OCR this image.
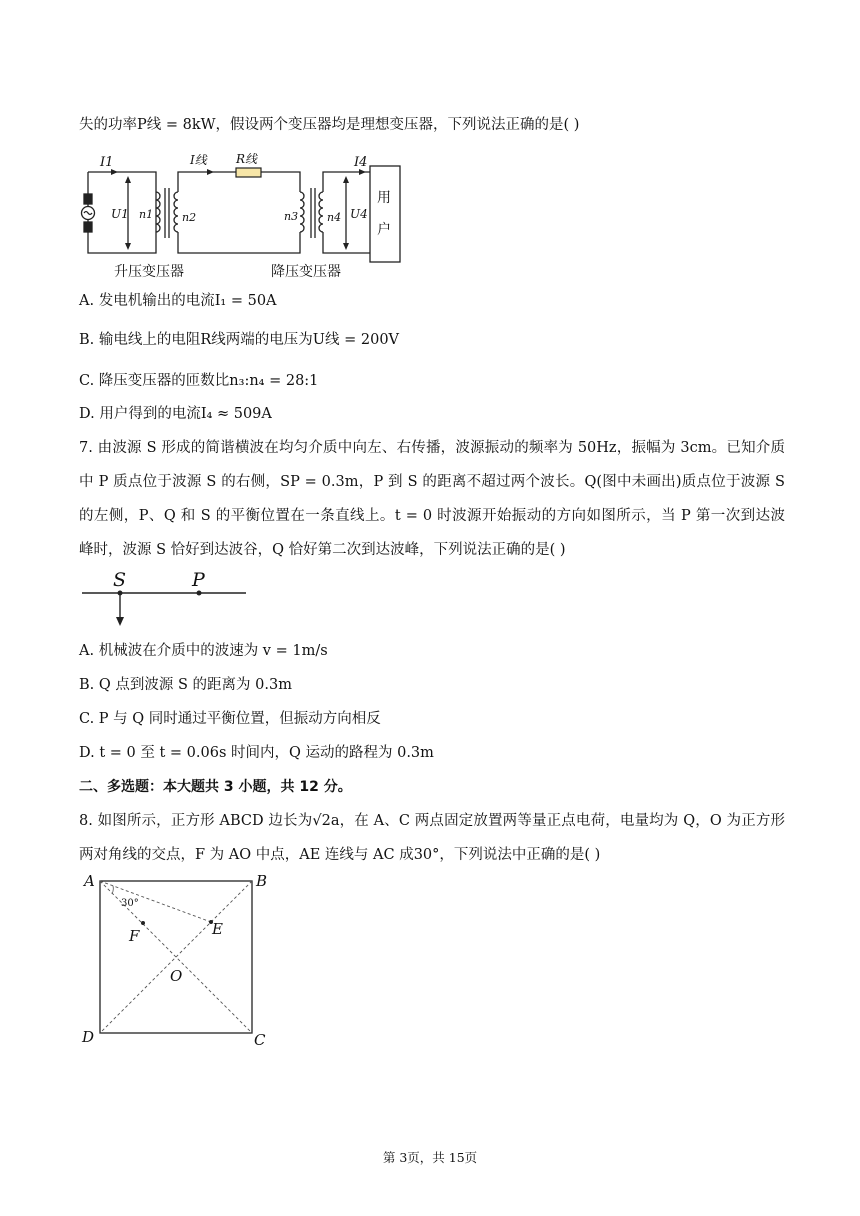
失的功率P线 = 8kW，假设两个变压器均是理想变压器，下列说法正确的是( )
I1	I线 R线	I4
U1 n1	n2	n3	n4 U4
用
户
升压变压器	降压变压器
A. 发电机输出的电流I₁ = 50A
B. 输电线上的电阻R线两端的电压为U线 = 200V
C. 降压变压器的匝数比n₃:n₄ = 28:1
D. 用户得到的电流I₄ ≈ 509A
7. 由波源 S 形成的简谐横波在均匀介质中向左、右传播，波源振动的频率为 50Hz，振幅为 3cm。已知介质
中 P 质点位于波源 S 的右侧，SP = 0.3m，P 到 S 的距离不超过两个波长。Q(图中未画出)质点位于波源 S
的左侧，P、Q 和 S 的平衡位置在一条直线上。t = 0 时波源开始振动的方向如图所示，当 P 第一次到达波
峰时，波源 S 恰好到达波谷，Q 恰好第二次到达波峰，下列说法正确的是( )
S	P
A. 机械波在介质中的波速为 v = 1m/s
B. Q 点到波源 S 的距离为 0.3m
C. P 与 Q 同时通过平衡位置，但振动方向相反
D. t = 0 至 t = 0.06s 时间内，Q 运动的路程为 0.3m
二、多选题：本大题共 3 小题，共 12 分。
8. 如图所示，正方形 ABCD 边长为√2a，在 A、C 两点固定放置两等量正点电荷，电量均为 Q，O 为正方形
两对角线的交点，F 为 AO 中点，AE 连线与 AC 成30°，下列说法中正确的是( )
A	B
C
D
O
E
F
30°
第 3页，共 15页
